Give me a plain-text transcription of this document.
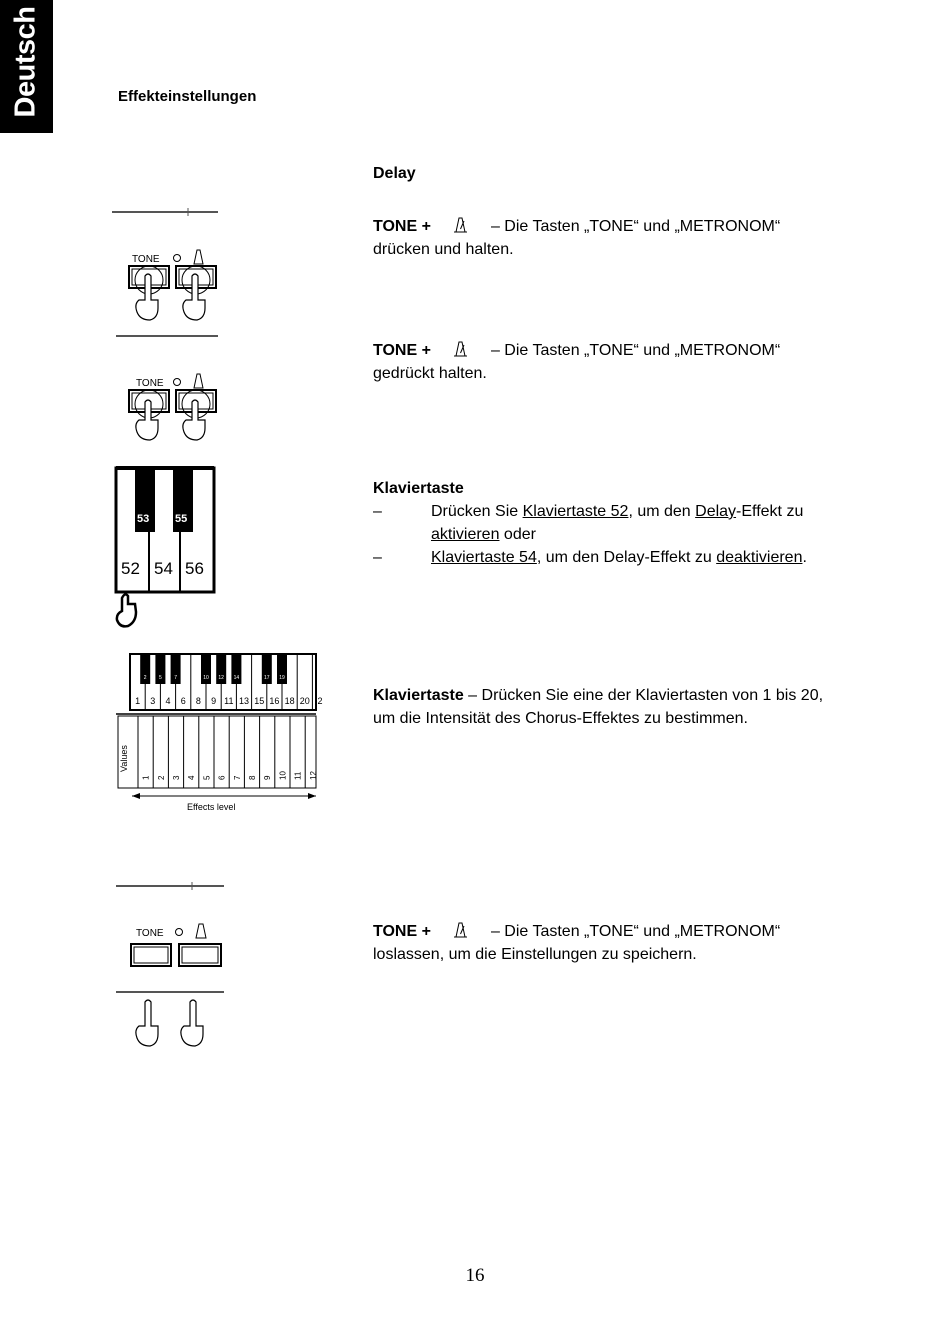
Deutsch	Effekteinstellungen
Delay
TONE +	– Die Tasten „TONE“ und „METRONOM“
drücken und halten.
TONE +	– Die Tasten „TONE“ und „METRONOM“
gedrückt halten.
Klaviertaste
–	Drücken Sie Klaviertaste 52, um den Delay-Effekt zu
aktivieren oder
–	Klaviertaste 54, um den Delay-Effekt zu deaktivieren.
Klaviertaste – Drücken Sie eine der Klaviertasten von 1 bis 20,
um die Intensität des Chorus-Effektes zu bestimmen.
TONE +	– Die Tasten „TONE“ und „METRONOM“
loslassen, um die Einstellungen zu speichern.
TONE
TONE
53 55
52 54 56
1 3 4 6 8 9 11 13 15 16 18 20 2
2 5 7	10 12 14	17 19
Values
1 2 3 4 5 6 7 8 9 10 11 12
Effects level
TONE
16
